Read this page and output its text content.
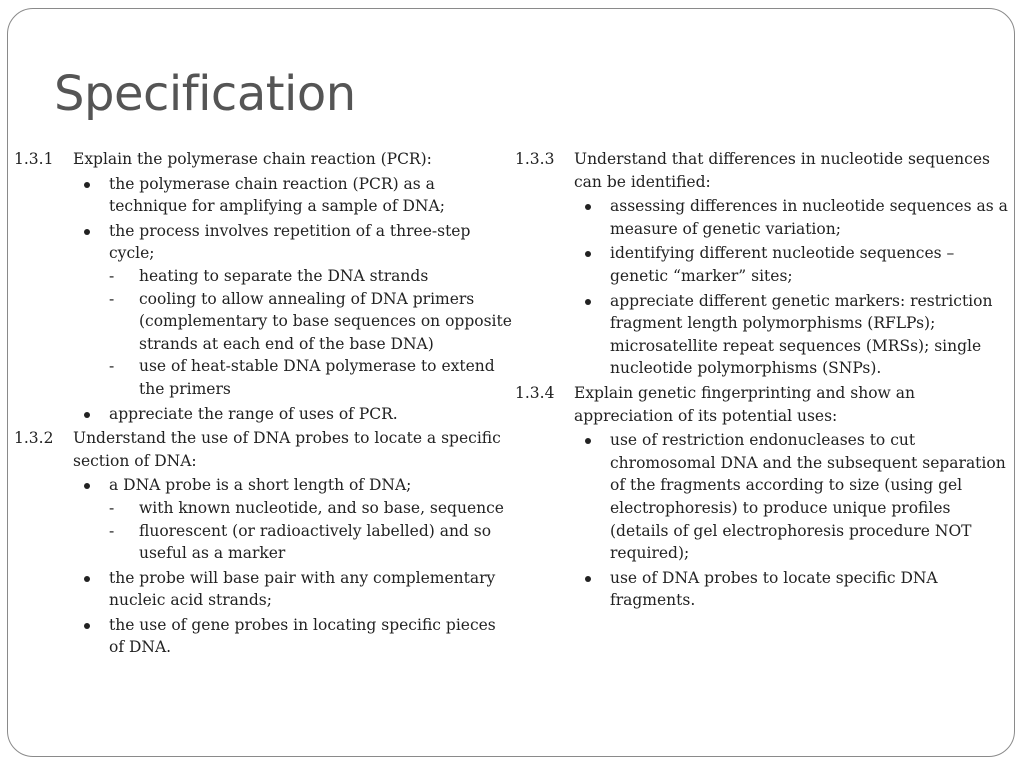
Specification
1.3.1 Explain the polymerase chain reaction (PCR):
the polymerase chain reaction (PCR) as a technique for amplifying a sample of DNA;
the process involves repetition of a three-step cycle;
- heating to separate the DNA strands
- cooling to allow annealing of DNA primers (complementary to base sequences on opposite strands at each end of the base DNA)
- use of heat-stable DNA polymerase to extend the primers
appreciate the range of uses of PCR.
1.3.2 Understand the use of DNA probes to locate a specific section of DNA:
a DNA probe is a short length of DNA;
- with known nucleotide, and so base, sequence
- fluorescent (or radioactively labelled) and so useful as a marker
the probe will base pair with any complementary nucleic acid strands;
the use of gene probes in locating specific pieces of DNA.
1.3.3 Understand that differences in nucleotide sequences can be identified:
assessing differences in nucleotide sequences as a measure of genetic variation;
identifying different nucleotide sequences – genetic “marker” sites;
appreciate different genetic markers: restriction fragment length polymorphisms (RFLPs); microsatellite repeat sequences (MRSs); single nucleotide polymorphisms (SNPs).
1.3.4 Explain genetic fingerprinting and show an appreciation of its potential uses:
use of restriction endonucleases to cut chromosomal DNA and the subsequent separation of the fragments according to size (using gel electrophoresis) to produce unique profiles (details of gel electrophoresis procedure NOT required);
use of DNA probes to locate specific DNA fragments.
